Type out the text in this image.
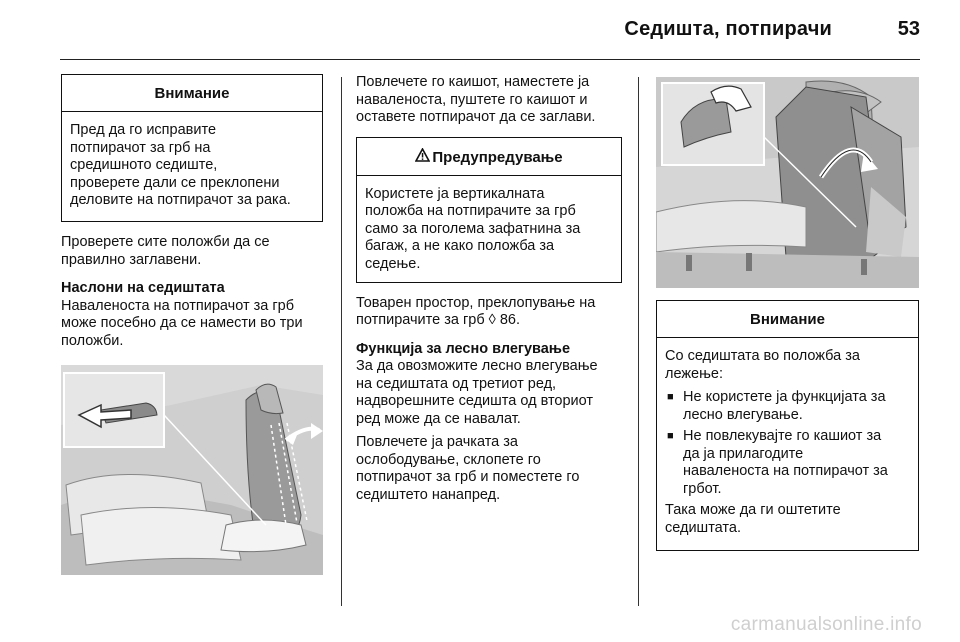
Седишта, потпирачи	53
Внимание
Пред да го исправите
потпирачот за грб на
средишното седиште,
проверете дали се преклопени
деловите на потпирачот за рака.
Проверете сите положби да се
правилно заглавени.
Наслони на седиштата
Наваленоста на потпирачот за грб
може посебно да се намести во три
положби.
Повлечете го каишот, наместете ја
наваленоста, пуштете го каишот и
оставете потпирачот да се заглави.
Предупредување
Користете ја вертикалната
положба на потпирачите за грб
само за поголема зафатнина за
багаж, а не како положба за
седење.
Товарен простор, преклопување на
потпирачите за грб ◊ 86.
Функција за лесно влегување
За да овозможите лесно влегување
на седиштата од третиот ред,
надворешните седишта од вториот
ред може да се навалат.
Повлечете ја рачката за
ослободување, склопете го
потпирачот за грб и поместете го
седиштето нанапред.
Внимание
Со седиштата во положба за
лежење:
■ Не користете ја функцијата за
лесно влегување.
■ Не повлекувајте го кашиот за
да ја прилагодите
наваленоста на потпирачот за
грбот.
Така може да ги оштетите
седиштата.
carmanualsonline.info
